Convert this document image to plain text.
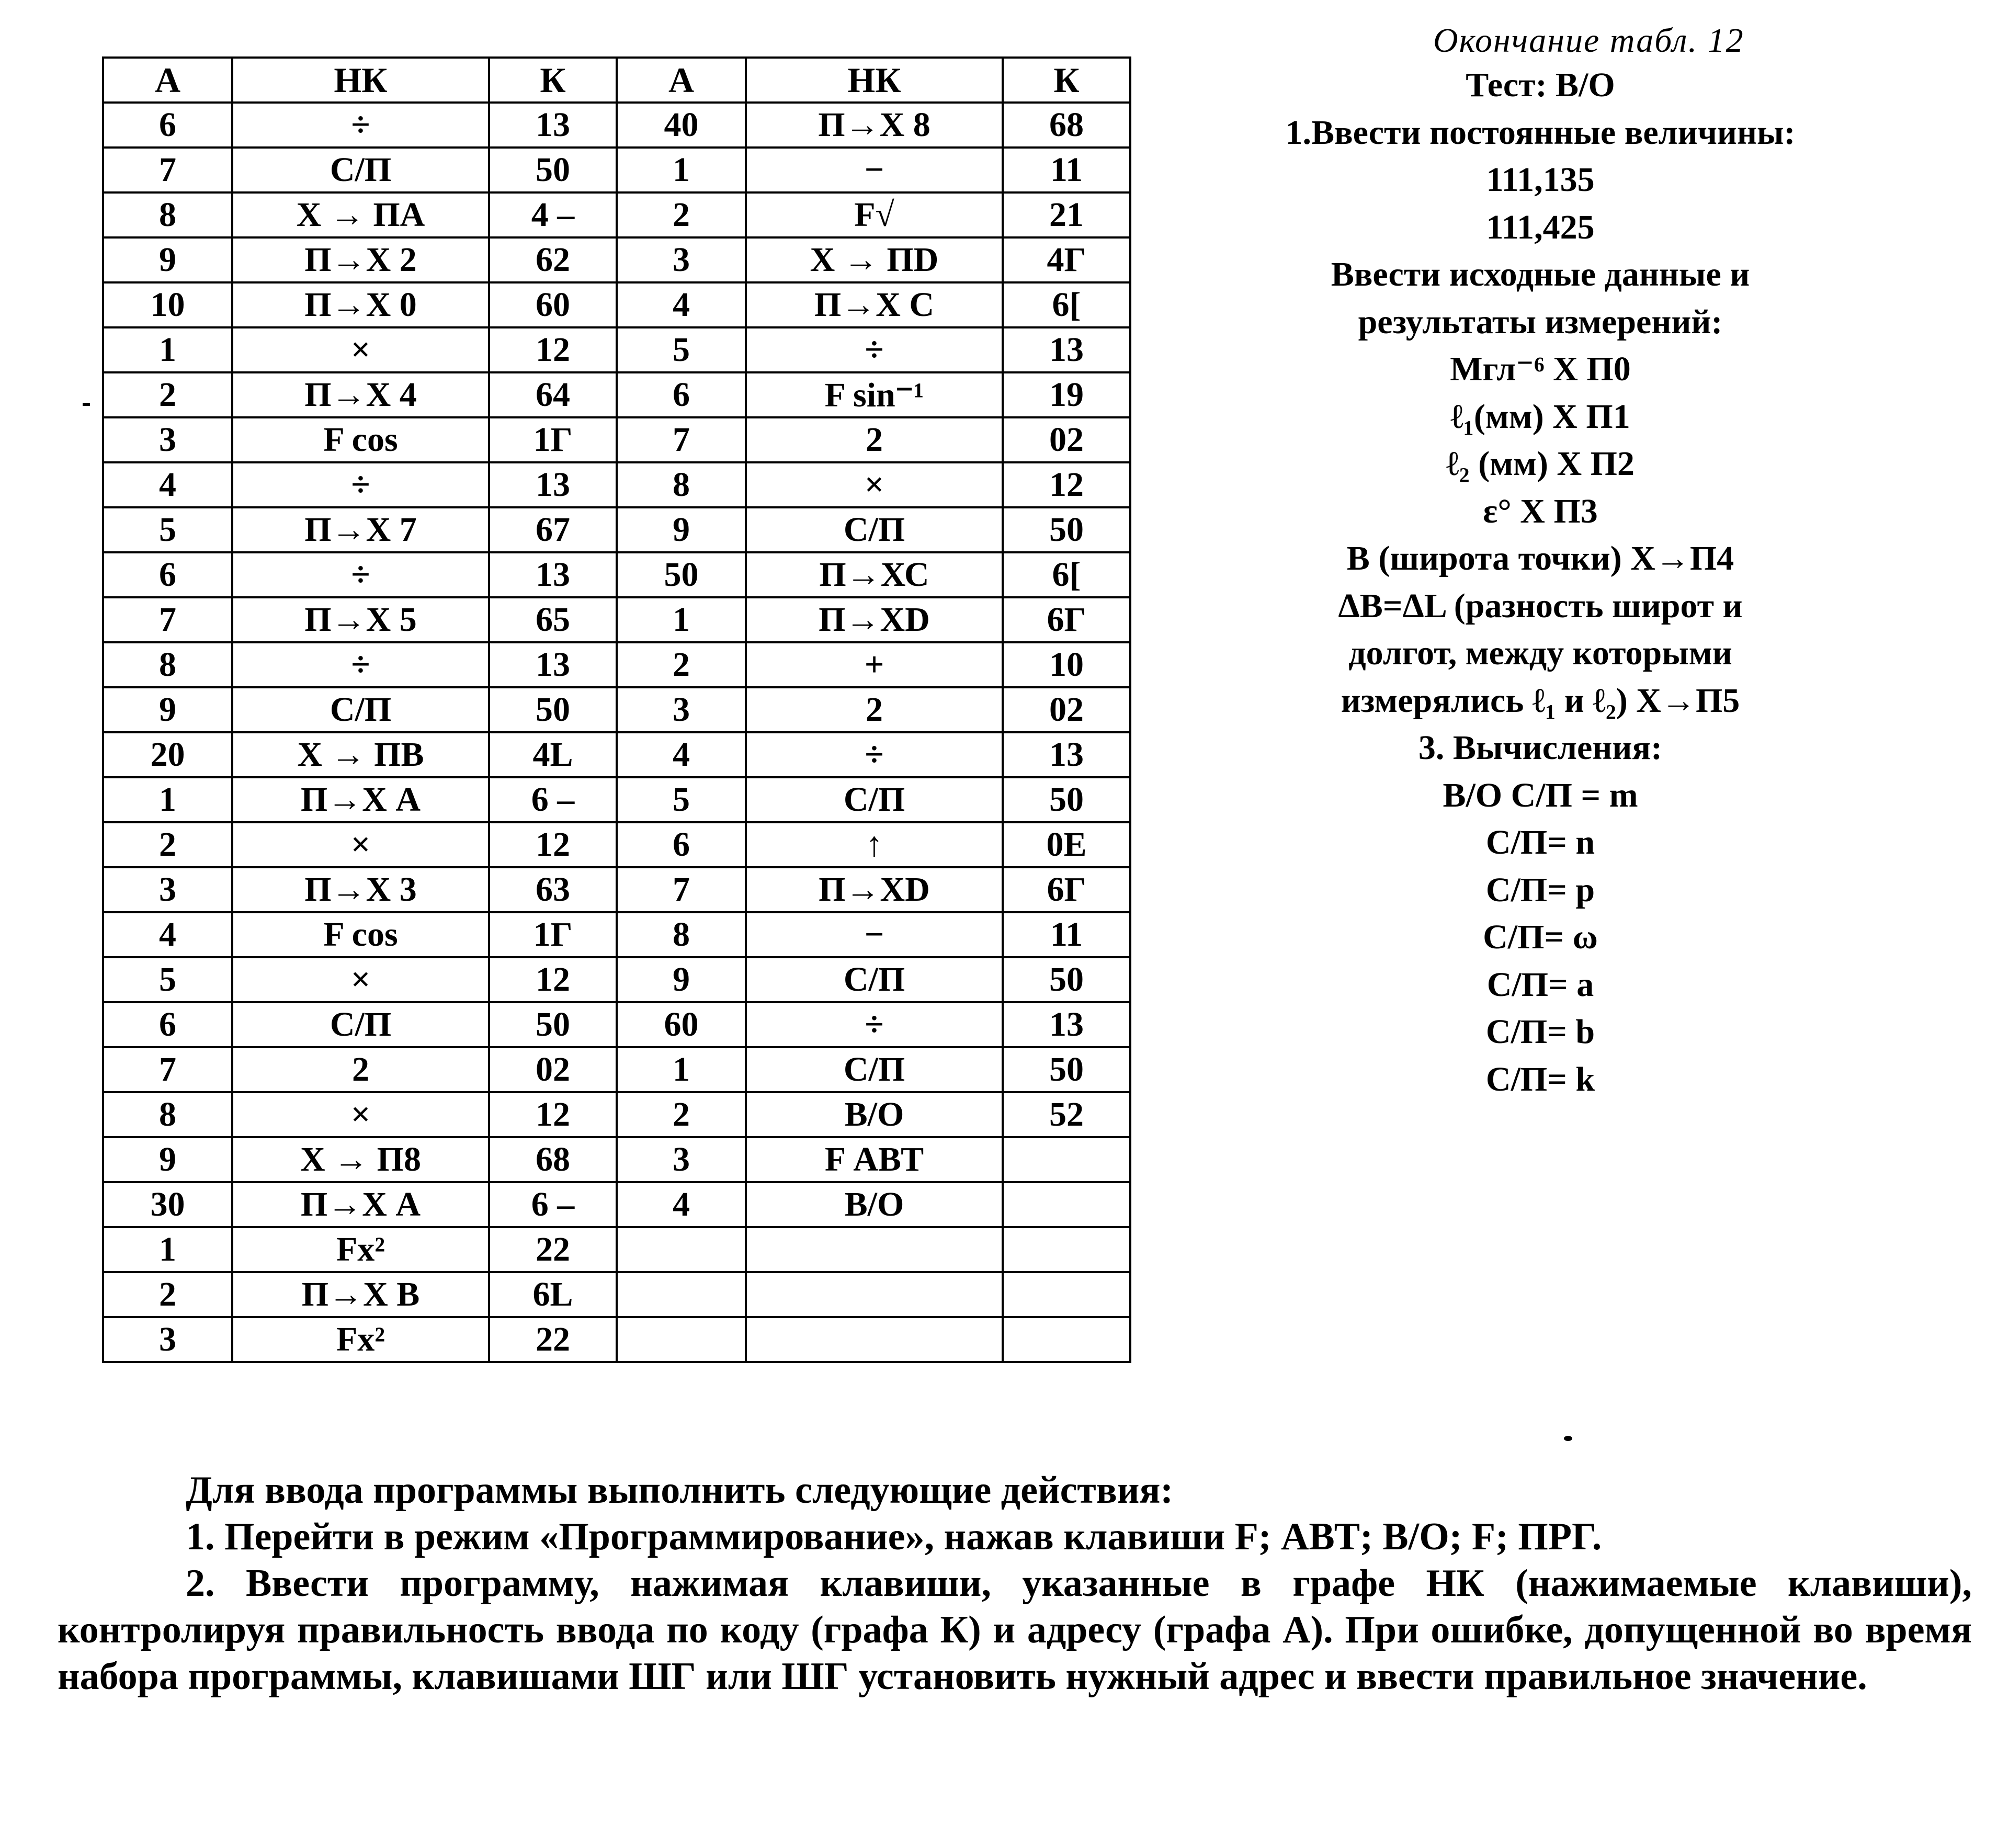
Окончание табл. 12
А	НК	К	А	НК	К
6	÷	13	40	П→Х 8	68
7	С/П	50	1	−	11
8	Х → ПА	4 –	2	F√	21
9	П→Х 2	62	3	Х → ПD	4Г
10	П→Х 0	60	4	П→Х С	6[
1	×	12	5	÷	13
2	П→Х 4	64	6	F sin⁻¹	19
3	F cos	1Г	7	2	02
4	÷	13	8	×	12
5	П→Х 7	67	9	С/П	50
6	÷	13	50	П→ХС	6[
7	П→Х 5	65	1	П→ХD	6Г
8	÷	13	2	+	10
9	С/П	50	3	2	02
20	Х → ПВ	4L	4	÷	13
1	П→Х А	6 –	5	С/П	50
2	×	12	6	↑	0Е
3	П→Х 3	63	7	П→ХD	6Г
4	F cos	1Г	8	−	11
5	×	12	9	С/П	50
6	С/П	50	60	÷	13
7	2	02	1	С/П	50
8	×	12	2	В/О	52
9	Х → П8	68	3	F АВТ	
30	П→Х А	6 –	4	В/О	
1	Fx²	22			
2	П→Х В	6L			
3	Fx²	22			
Тест: В/О
1.Ввести постоянные величины:
111,135
111,425
Ввести исходные данные и
результаты измерений:
Мгл⁻⁶ Х П0
ℓ₁(мм) Х П1
ℓ₂ (мм) Х П2
ε° Х П3
В (широта точки) Х→П4
ΔB=ΔL (разность широт и
долгот, между которыми
измерялись ℓ₁ и ℓ₂) Х→П5
3. Вычисления:
В/О С/П = m
С/П= n
С/П= p
С/П= ω
С/П= a
С/П= b
С/П= k

Для ввода программы выполнить следующие действия:

1. Перейти в режим «Программирование», нажав клавиши F; АВТ; В/О; F; ПРГ.

2. Ввести программу, нажимая клавиши, указанные в графе НК (нажимаемые клавиши), контролируя правильность ввода по коду (графа К) и адресу (графа А). При ошибке, допущенной во время набора программы, клавишами ШГ или ШГ установить нужный адрес и ввести правильное значение.
